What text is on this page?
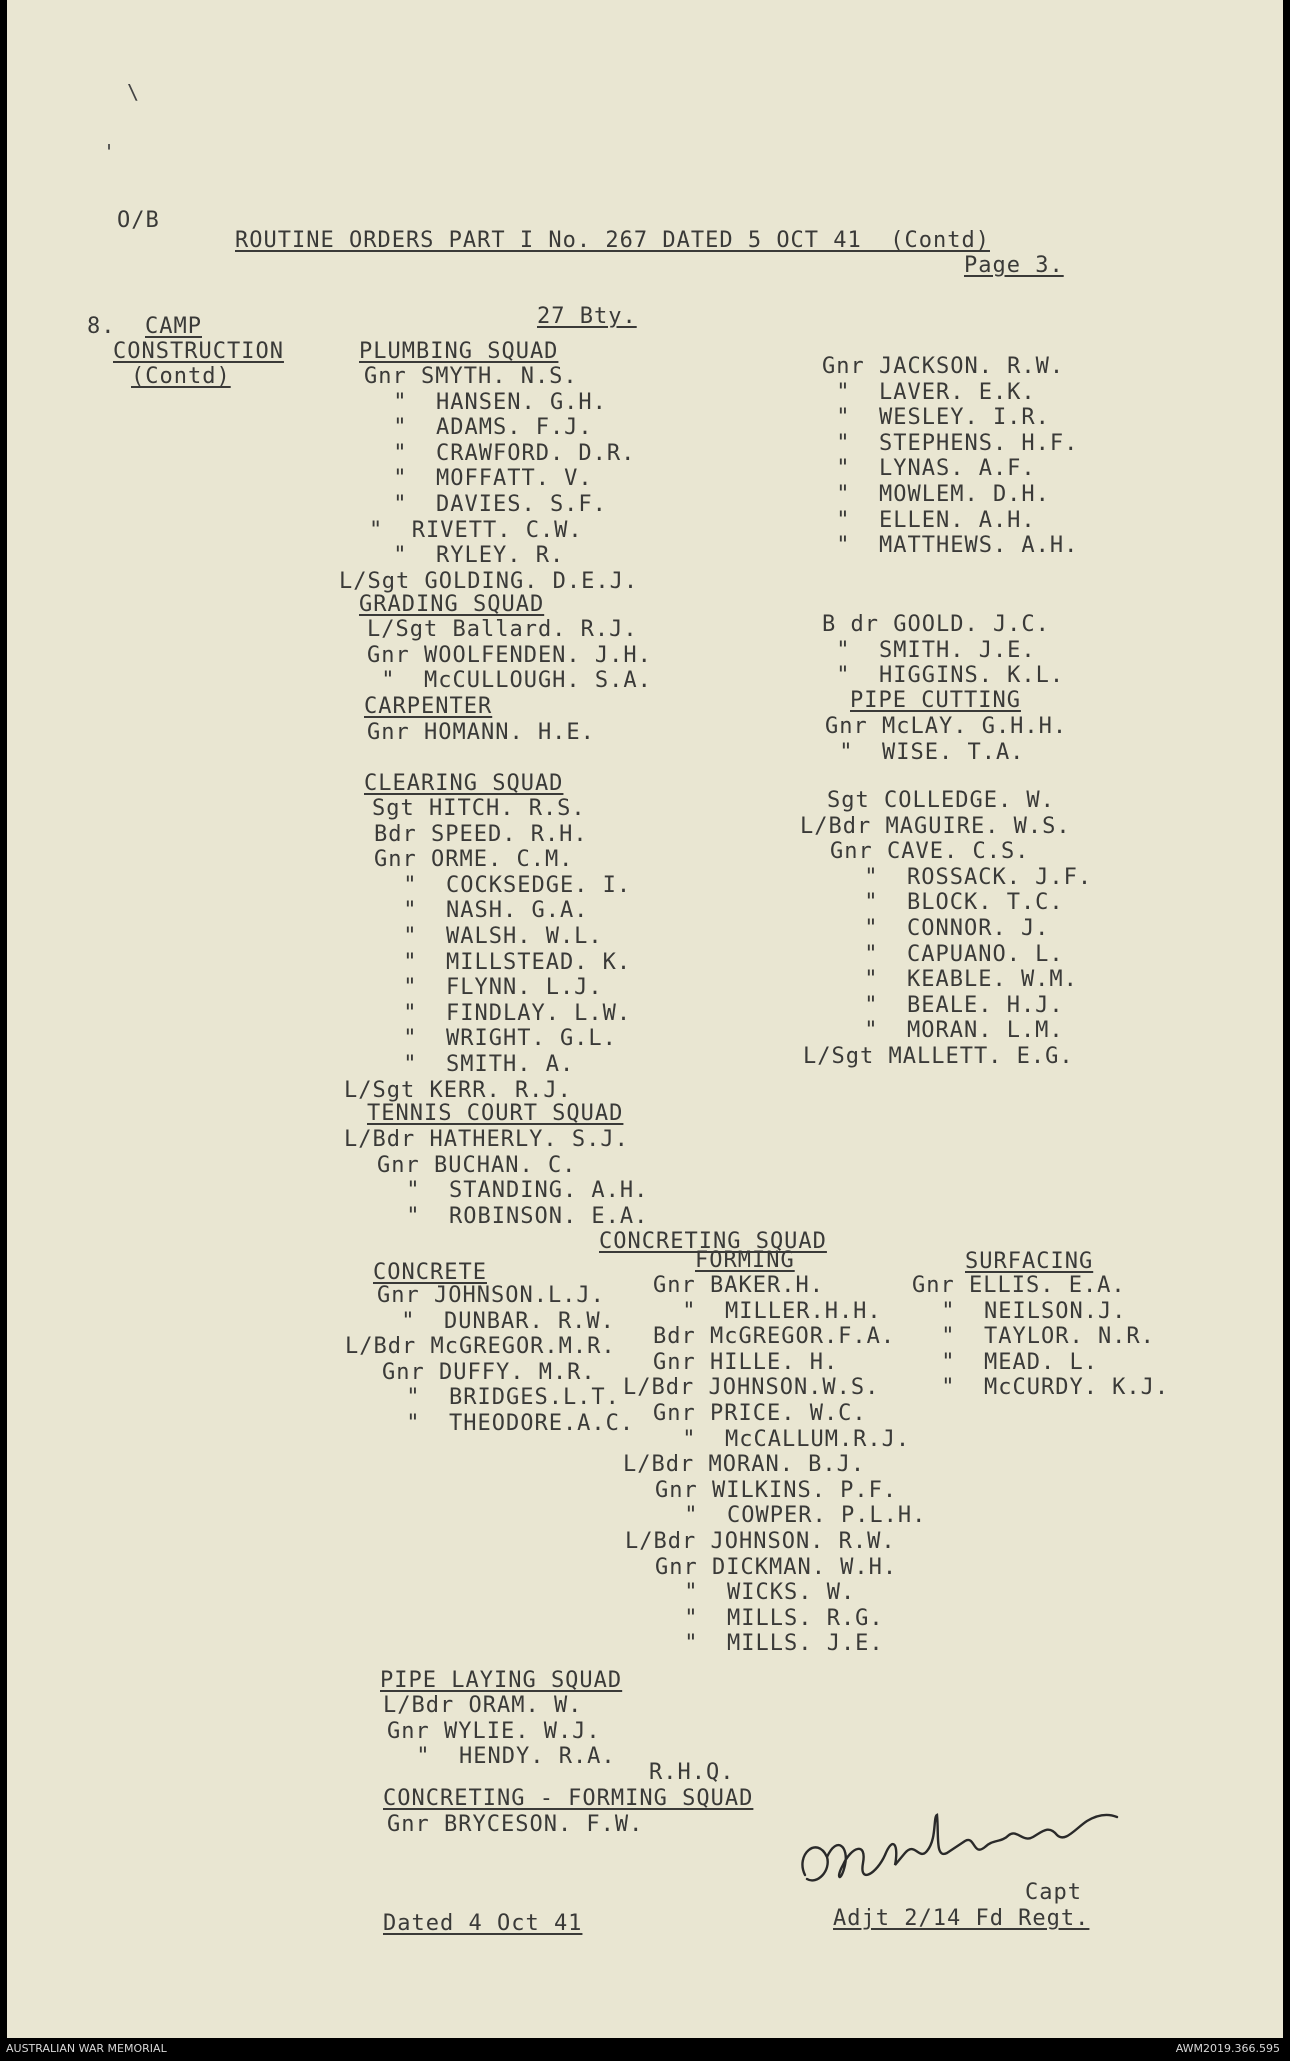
\
'
O/B
ROUTINE ORDERS PART I No. 267 DATED 5 OCT 41  (Contd)
Page 3.
8. CAMP
CONSTRUCTION
(Contd)
27 Bty.
PLUMBING SQUAD
Gnr SMYTH. N.S.
"  HANSEN. G.H.
"  ADAMS. F.J.
"  CRAWFORD. D.R.
"  MOFFATT. V.
"  DAVIES. S.F.
"  RIVETT. C.W.
"  RYLEY. R.
L/Sgt GOLDING. D.E.J.
Gnr JACKSON. R.W.
"  LAVER. E.K.
"  WESLEY. I.R.
"  STEPHENS. H.F.
"  LYNAS. A.F.
"  MOWLEM. D.H.
"  ELLEN. A.H.
"  MATTHEWS. A.H.
GRADING SQUAD
L/Sgt Ballard. R.J.
Gnr WOOLFENDEN. J.H.
"  McCULLOUGH. S.A.
B dr GOOLD. J.C.
"  SMITH. J.E.
"  HIGGINS. K.L.
CARPENTER
Gnr HOMANN. H.E.
PIPE CUTTING
Gnr McLAY. G.H.H.
"  WISE. T.A.
CLEARING SQUAD
Sgt HITCH. R.S.
Bdr SPEED. R.H.
Gnr ORME. C.M.
"  COCKSEDGE. I.
"  NASH. G.A.
"  WALSH. W.L.
"  MILLSTEAD. K.
"  FLYNN. L.J.
"  FINDLAY. L.W.
"  WRIGHT. G.L.
"  SMITH. A.
L/Sgt KERR. R.J.
Sgt COLLEDGE. W.
L/Bdr MAGUIRE. W.S.
Gnr CAVE. C.S.
"  ROSSACK. J.F.
"  BLOCK. T.C.
"  CONNOR. J.
"  CAPUANO. L.
"  KEABLE. W.M.
"  BEALE. H.J.
"  MORAN. L.M.
L/Sgt MALLETT. E.G.
TENNIS COURT SQUAD
L/Bdr HATHERLY. S.J.
Gnr BUCHAN. C.
"  STANDING. A.H.
"  ROBINSON. E.A.
CONCRETING SQUAD
CONCRETE	FORMING	SURFACING
Gnr JOHNSON.L.J.
"  DUNBAR. R.W.
L/Bdr McGREGOR.M.R.
Gnr DUFFY. M.R.
"  BRIDGES.L.T.
"  THEODORE.A.C.
Gnr BAKER.H.
"  MILLER.H.H.
Bdr McGREGOR.F.A.
Gnr HILLE. H.
L/Bdr JOHNSON.W.S.
Gnr PRICE. W.C.
"  McCALLUM.R.J.
L/Bdr MORAN. B.J.
Gnr WILKINS. P.F.
"  COWPER. P.L.H.
L/Bdr JOHNSON. R.W.
Gnr DICKMAN. W.H.
"  WICKS. W.
"  MILLS. R.G.
"  MILLS. J.E.
Gnr ELLIS. E.A.
"  NEILSON.J.
"  TAYLOR. N.R.
"  MEAD. L.
"  McCURDY. K.J.
PIPE LAYING SQUAD
L/Bdr ORAM. W.
Gnr WYLIE. W.J.
"  HENDY. R.A.
R.H.Q.
CONCRETING - FORMING SQUAD
Gnr BRYCESON. F.W.
Dated 4 Oct 41
Capt
Adjt 2/14 Fd Regt.
AUSTRALIAN WAR MEMORIAL	AWM2019.366.595
